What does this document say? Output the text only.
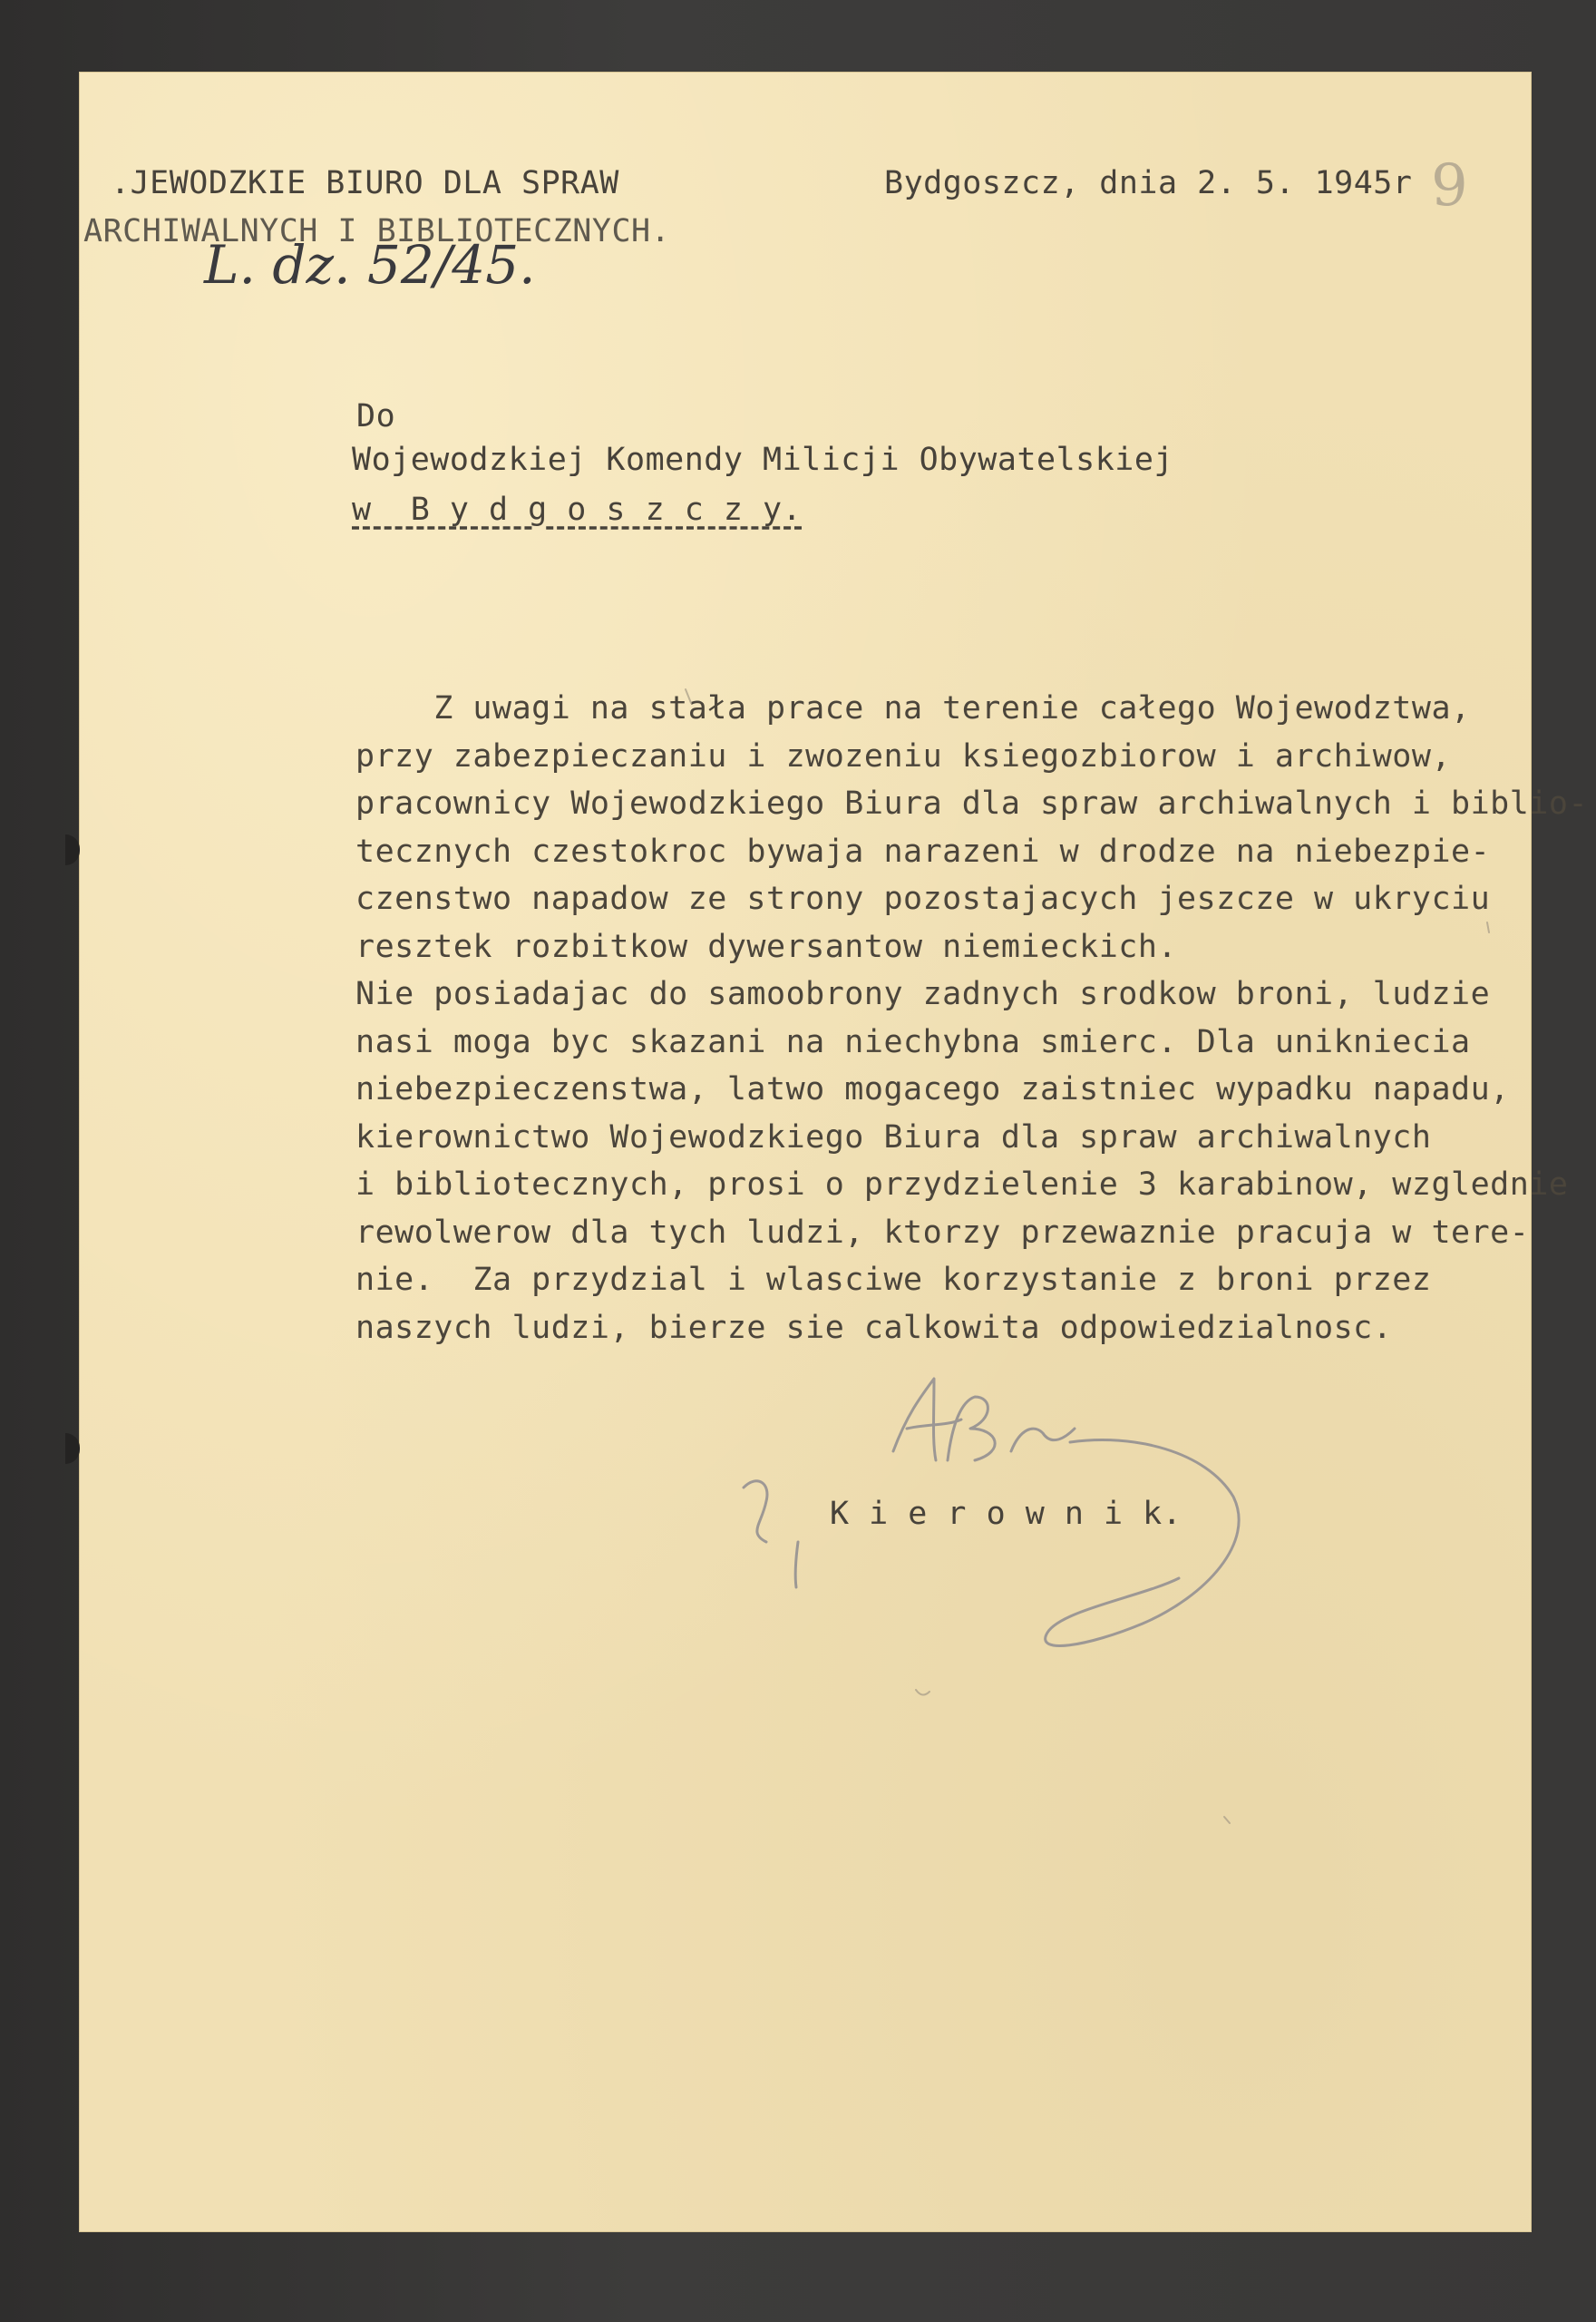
.JEWODZKIE BIURO DLA SPRAW
ARCHIWALNYCH I BIBLIOTECZNYCH.
L. dz. 52/45.
Bydgoszcz, dnia 2. 5. 1945r 9
Do
Wojewodzkiej Komendy Milicji Obywatelskiej
w  B y d g o s z c z y.
Z uwagi na stała prace na terenie całego Wojewodztwa,
przy zabezpieczaniu i zwozeniu ksiegozbiorow i archiwow,
pracownicy Wojewodzkiego Biura dla spraw archiwalnych i biblio-
tecznych czestokroc bywaja narazeni w drodze na niebezpie-
czenstwo napadow ze strony pozostajacych jeszcze w ukryciu
resztek rozbitkow dywersantow niemieckich.
Nie posiadajac do samoobrony zadnych srodkow broni, ludzie
nasi moga byc skazani na niechybna smierc. Dla unikniecia
niebezpieczenstwa, latwo mogacego zaistniec wypadku napadu,
kierownictwo Wojewodzkiego Biura dla spraw archiwalnych
i bibliotecznych, prosi o przydzielenie 3 karabinow, wzglednie
rewolwerow dla tych ludzi, ktorzy przewaznie pracuja w tere-
nie.  Za przydzial i wlasciwe korzystanie z broni przez
naszych ludzi, bierze sie calkowita odpowiedzialnosc.
K i e r o w n i k.
